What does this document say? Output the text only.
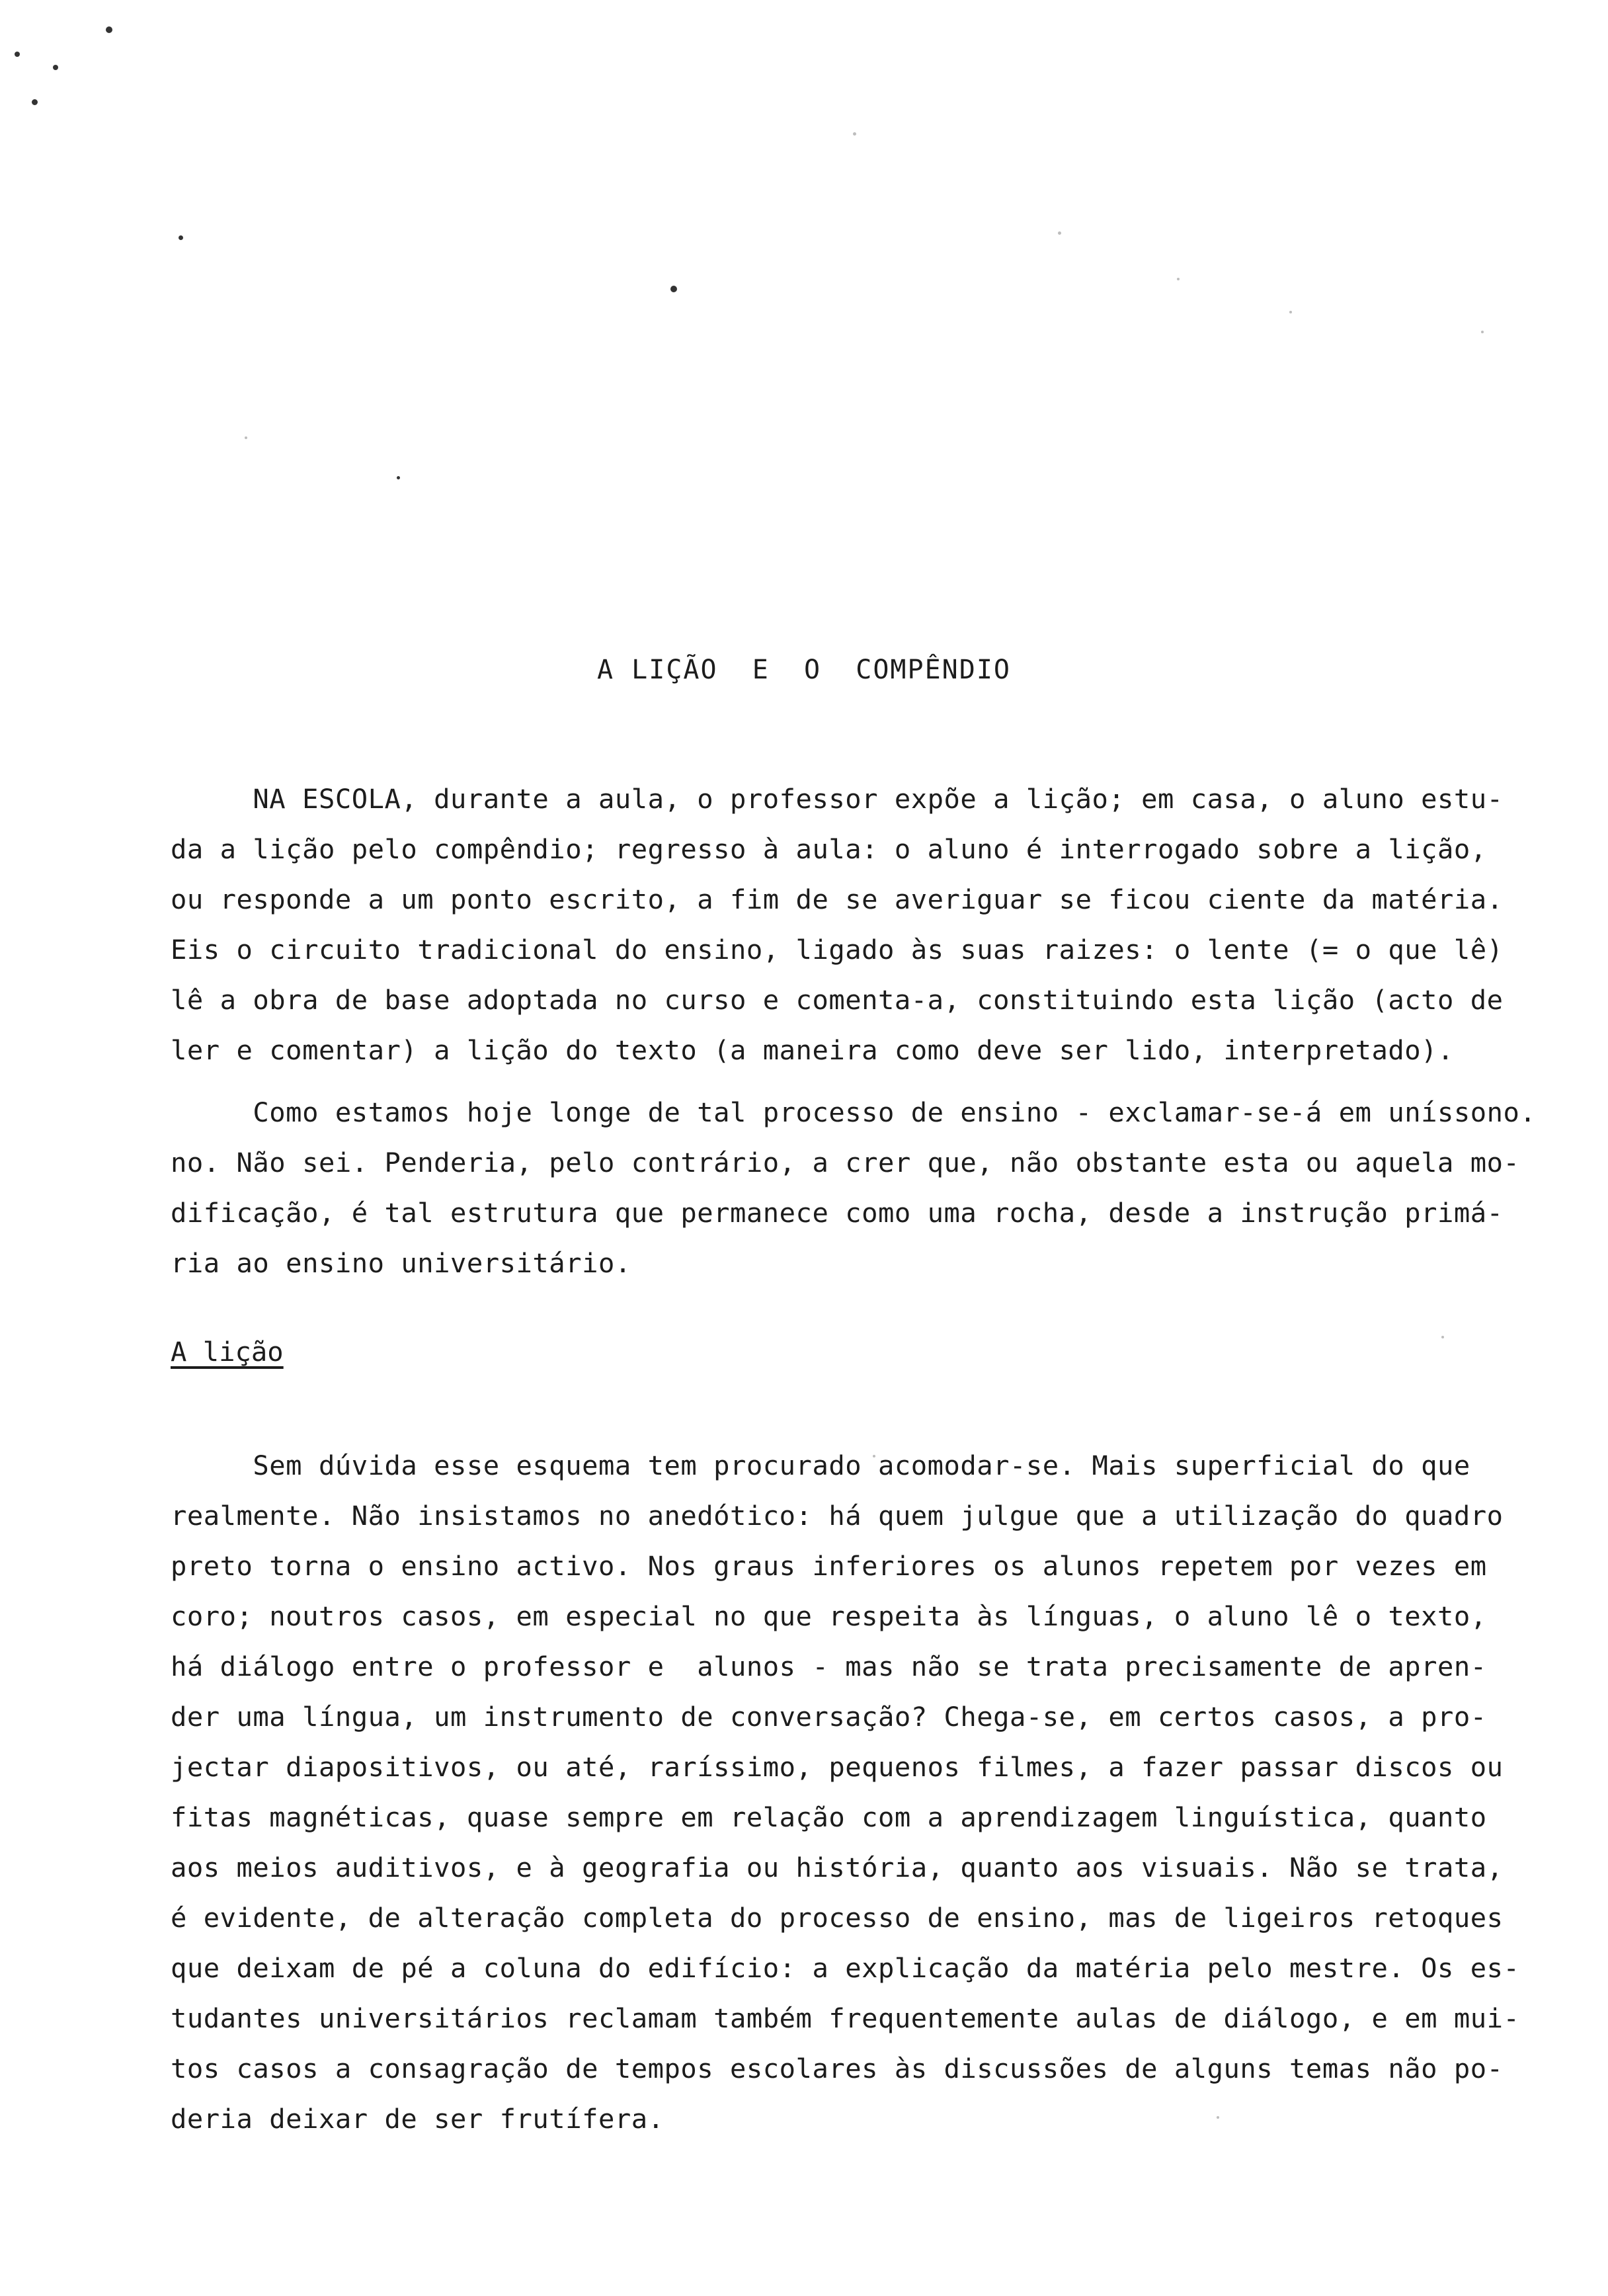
A LIÇÃO  E  O  COMPÊNDIO
NA ESCOLA, durante a aula, o professor expõe a lição; em casa, o aluno estu-
da a lição pelo compêndio; regresso à aula: o aluno é interrogado sobre a lição,
ou responde a um ponto escrito, a fim de se averiguar se ficou ciente da matéria.
Eis o circuito tradicional do ensino, ligado às suas raizes: o lente (= o que lê)
lê a obra de base adoptada no curso e comenta-a, constituindo esta lição (acto de
ler e comentar) a lição do texto (a maneira como deve ser lido, interpretado).
Como estamos hoje longe de tal processo de ensino - exclamar-se-á em uníssono.
no. Não sei. Penderia, pelo contrário, a crer que, não obstante esta ou aquela mo-
dificação, é tal estrutura que permanece como uma rocha, desde a instrução primá-
ria ao ensino universitário.
A lição
Sem dúvida esse esquema tem procurado acomodar-se. Mais superficial do que
realmente. Não insistamos no anedótico: há quem julgue que a utilização do quadro
preto torna o ensino activo. Nos graus inferiores os alunos repetem por vezes em
coro; noutros casos, em especial no que respeita às línguas, o aluno lê o texto,
há diálogo entre o professor e  alunos - mas não se trata precisamente de apren-
der uma língua, um instrumento de conversação? Chega-se, em certos casos, a pro-
jectar diapositivos, ou até, raríssimo, pequenos filmes, a fazer passar discos ou
fitas magnéticas, quase sempre em relação com a aprendizagem linguística, quanto
aos meios auditivos, e à geografia ou história, quanto aos visuais. Não se trata,
é evidente, de alteração completa do processo de ensino, mas de ligeiros retoques
que deixam de pé a coluna do edifício: a explicação da matéria pelo mestre. Os es-
tudantes universitários reclamam também frequentemente aulas de diálogo, e em mui-
tos casos a consagração de tempos escolares às discussões de alguns temas não po-
deria deixar de ser frutífera.
